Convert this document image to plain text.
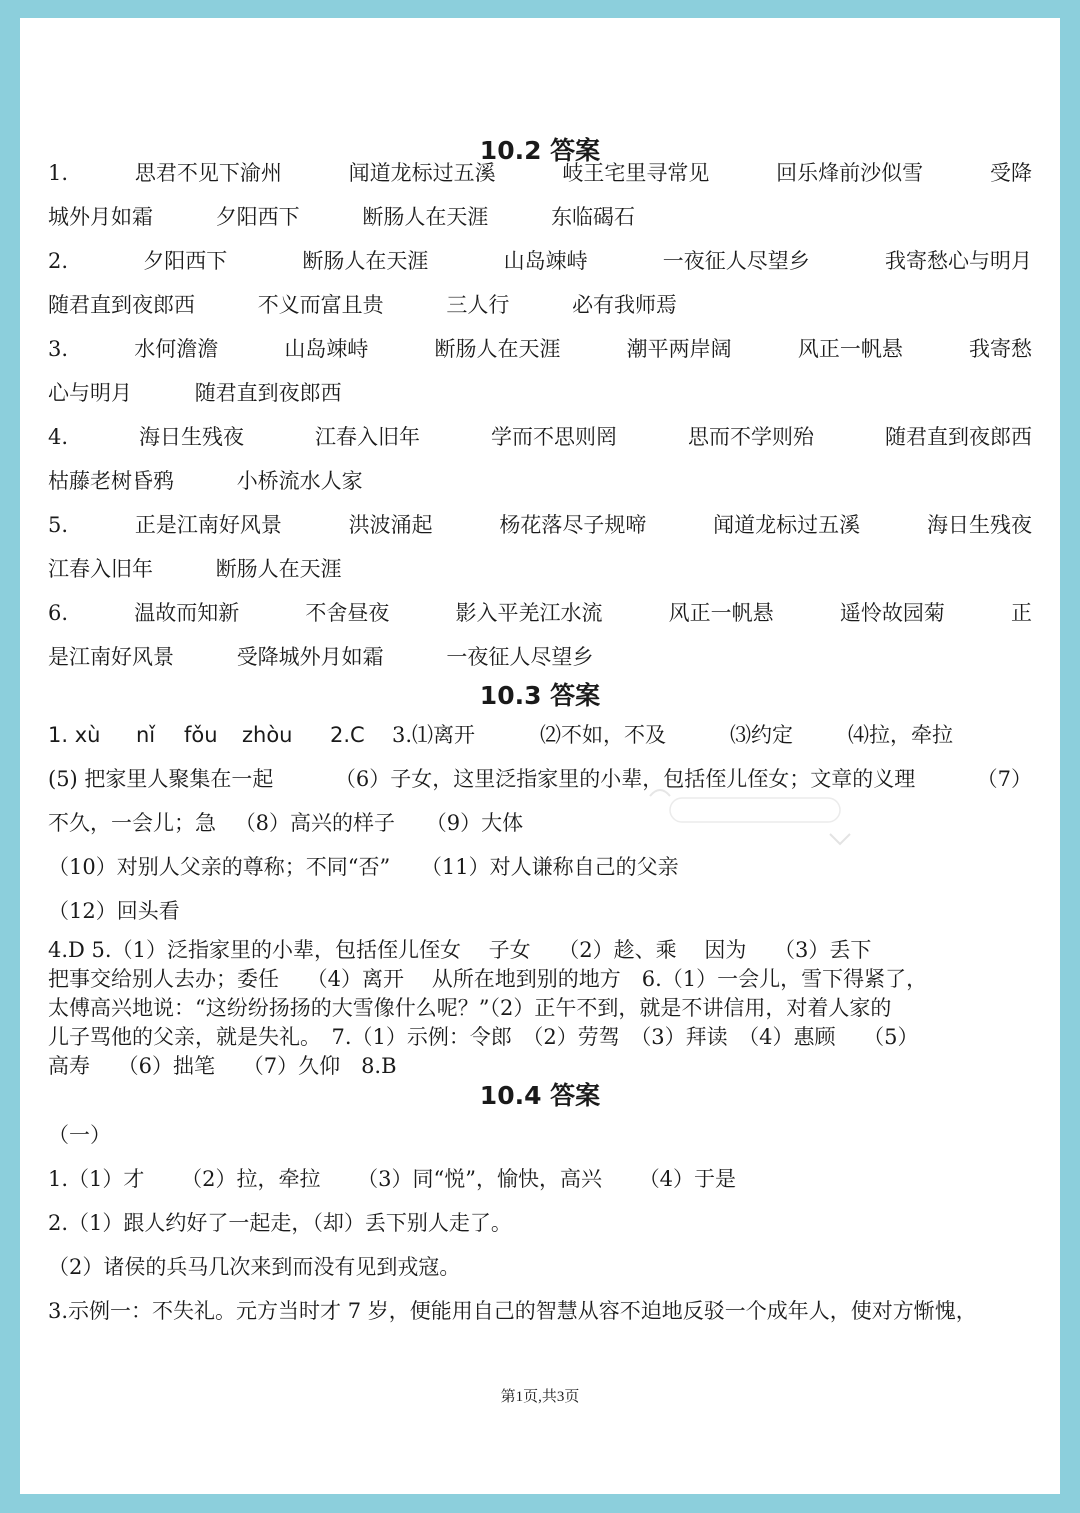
10.2 答案
1.	思君不见下渝州	闻道龙标过五溪	岐王宅里寻常见	回乐烽前沙似雪	受降
城外月如霜	夕阳西下	断肠人在天涯	东临碣石
2.	夕阳西下	断肠人在天涯	山岛竦峙	一夜征人尽望乡	我寄愁心与明月
随君直到夜郎西	不义而富且贵	三人行	必有我师焉
3.	水何澹澹	山岛竦峙	断肠人在天涯	潮平两岸阔	风正一帆悬	我寄愁
心与明月	随君直到夜郎西
4.	海日生残夜	江春入旧年	学而不思则罔	思而不学则殆	随君直到夜郎西
枯藤老树昏鸦	小桥流水人家
5.	正是江南好风景	洪波涌起	杨花落尽子规啼	闻道龙标过五溪	海日生残夜
江春入旧年	断肠人在天涯
6.	温故而知新	不舍昼夜	影入平羌江水流	风正一帆悬	遥怜故园菊	正
是江南好风景	受降城外月如霜	一夜征人尽望乡
10.3 答案
1. xù	nǐ	fǒu	zhòu	2.C	3.⑴离开	⑵不如，不及	⑶约定	⑷拉，牵拉
(5) 把家里人聚集在一起	（6）子女，这里泛指家里的小辈，包括侄儿侄女；文章的义理	（7）
不久，一会儿；急 （8）高兴的样子 （9）大体
（10）对别人父亲的尊称；不同“否” （11）对人谦称自己的父亲
（12）回头看
4.D 5.（1）泛指家里的小辈，包括侄儿侄女　 子女　 （2）趁、乘　 因为　 （3）丢下
把事交给别人去办；委任　 （4）离开　 从所在地到别的地方　6.（1）一会儿，雪下得紧了，
太傅高兴地说：“这纷纷扬扬的大雪像什么呢？”（2）正午不到，就是不讲信用，对着人家的
儿子骂他的父亲，就是失礼。　7.（1）示例：令郎　（2）劳驾　（3）拜读　（4）惠顾　 （5）
高寿　 （6）拙笔　 （7）久仰　8.B
10.4 答案
（一）
1.（1）才 （2）拉，牵拉 （3）同“悦”，愉快，高兴 （4）于是
2.（1）跟人约好了一起走，（却）丢下别人走了。
（2）诸侯的兵马几次来到而没有见到戎寇。
3.示例一：不失礼。元方当时才 7 岁，便能用自己的智慧从容不迫地反驳一个成年人，使对方惭愧，
第1页,共3页
